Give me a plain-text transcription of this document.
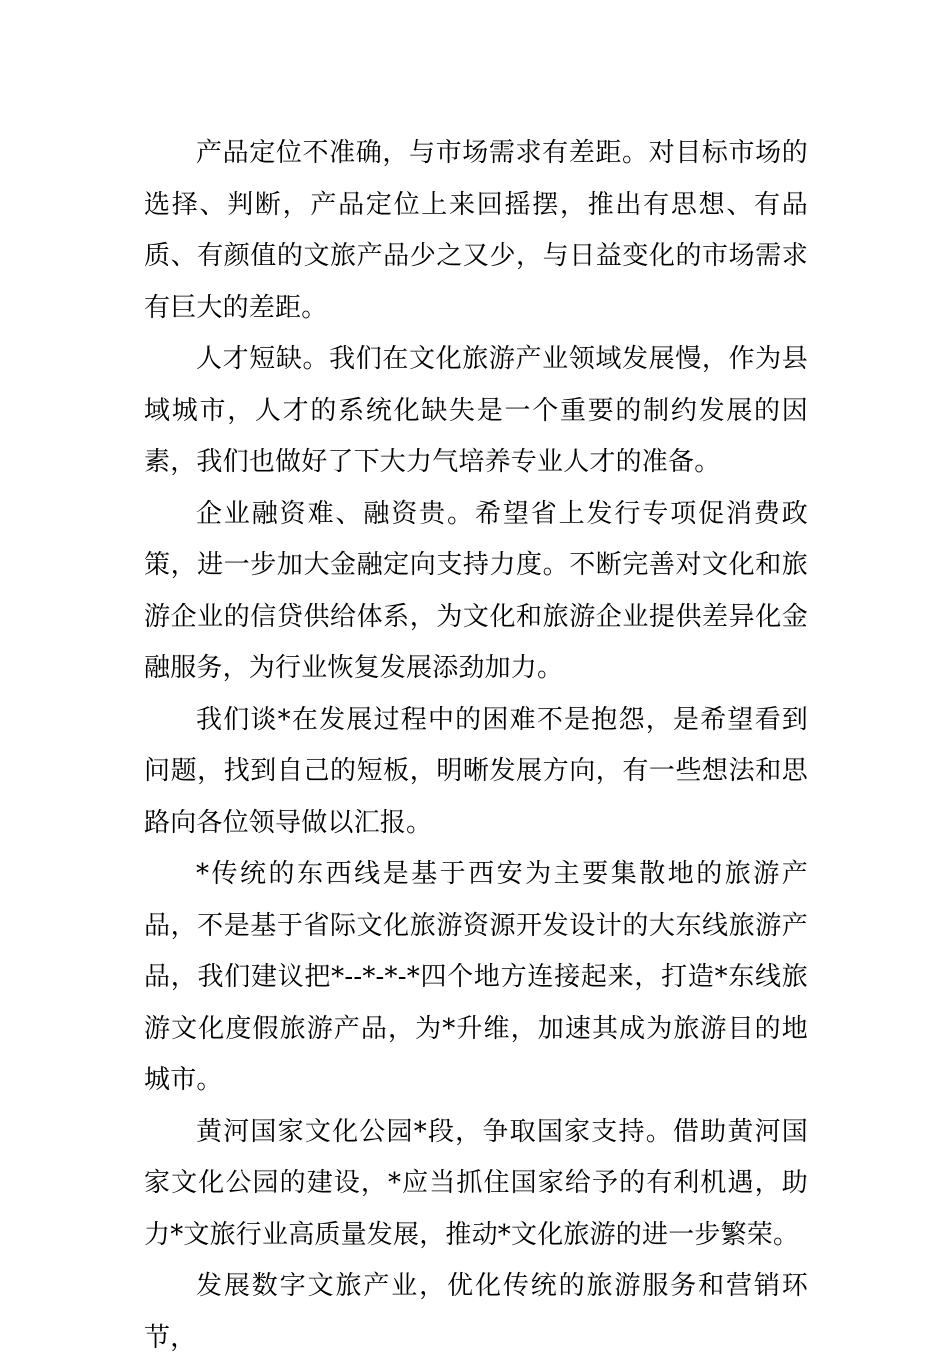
产品定位不准确，与市场需求有差距。对目标市场的选择、判断，产品定位上来回摇摆，推出有思想、有品质、有颜值的文旅产品少之又少，与日益变化的市场需求有巨大的差距。

人才短缺。我们在文化旅游产业领域发展慢，作为县域城市，人才的系统化缺失是一个重要的制约发展的因素，我们也做好了下大力气培养专业人才的准备。

企业融资难、融资贵。希望省上发行专项促消费政策，进一步加大金融定向支持力度。不断完善对文化和旅游企业的信贷供给体系，为文化和旅游企业提供差异化金融服务，为行业恢复发展添劲加力。

我们谈*在发展过程中的困难不是抱怨，是希望看到问题，找到自己的短板，明晰发展方向，有一些想法和思路向各位领导做以汇报。

*传统的东西线是基于西安为主要集散地的旅游产品，不是基于省际文化旅游资源开发设计的大东线旅游产品，我们建议把*--*-*-*四个地方连接起来，打造*东线旅游文化度假旅游产品，为*升维，加速其成为旅游目的地城市。

黄河国家文化公园*段，争取国家支持。借助黄河国家文化公园的建设，*应当抓住国家给予的有利机遇，助力*文旅行业高质量发展，推动*文化旅游的进一步繁荣。

发展数字文旅产业，优化传统的旅游服务和营销环节，
